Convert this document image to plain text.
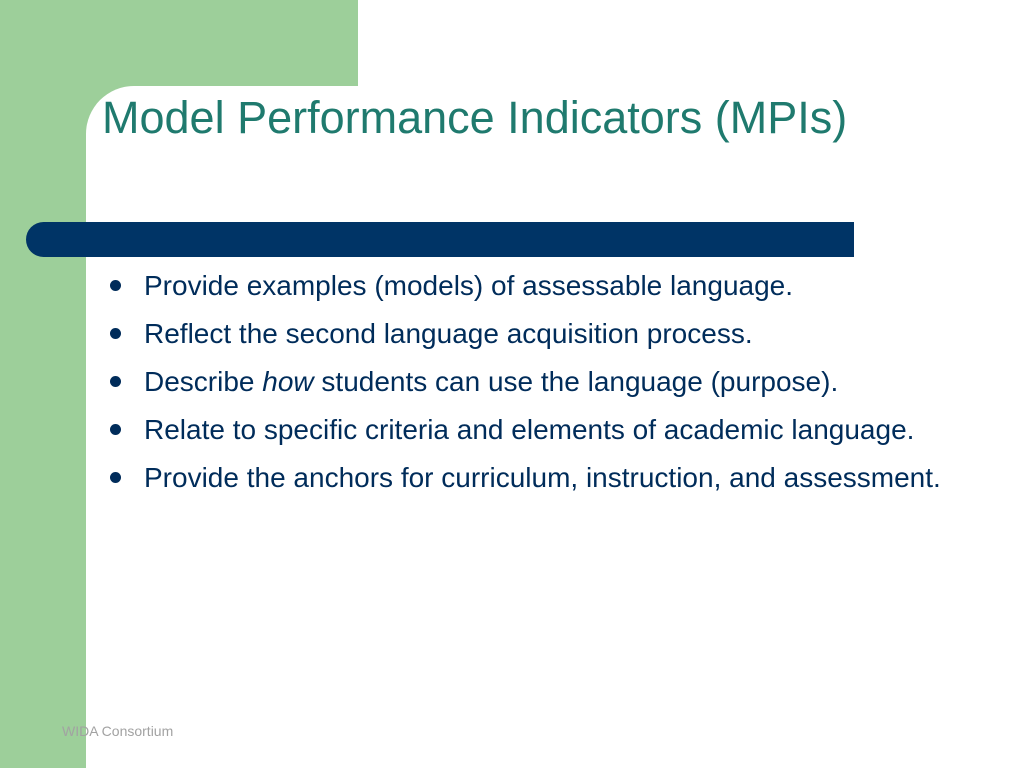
Model Performance Indicators (MPIs)
Provide examples (models) of assessable language.
Reflect the second language acquisition process.
Describe how students can use the language (purpose).
Relate to specific criteria and elements of academic language.
Provide the anchors for curriculum, instruction, and assessment.
WIDA Consortium
